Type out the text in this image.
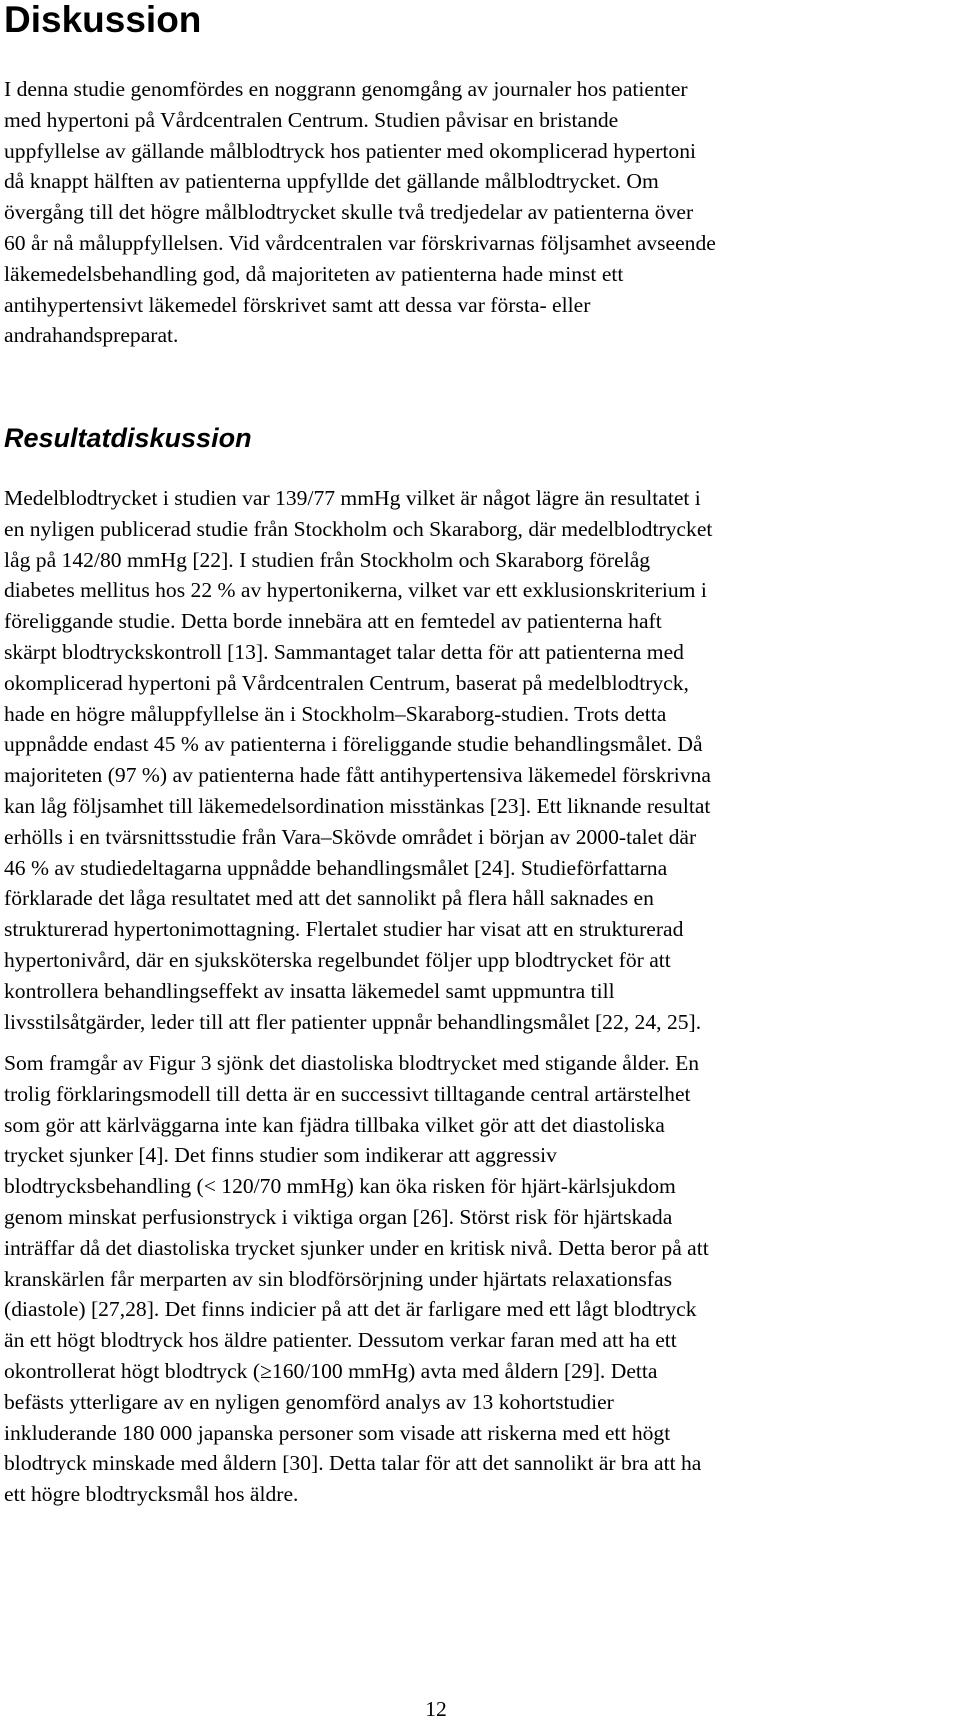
Diskussion
I denna studie genomfördes en noggrann genomgång av journaler hos patienter
med hypertoni på Vårdcentralen Centrum. Studien påvisar en bristande
uppfyllelse av gällande målblodtryck hos patienter med okomplicerad hypertoni
då knappt hälften av patienterna uppfyllde det gällande målblodtrycket. Om
övergång till det högre målblodtrycket skulle två tredjedelar av patienterna över
60 år nå måluppfyllelsen. Vid vårdcentralen var förskrivarnas följsamhet avseende
läkemedelsbehandling god, då majoriteten av patienterna hade minst ett
antihypertensivt läkemedel förskrivet samt att dessa var första- eller
andrahandspreparat.
Resultatdiskussion
Medelblodtrycket i studien var 139/77 mmHg vilket är något lägre än resultatet i
en nyligen publicerad studie från Stockholm och Skaraborg, där medelblodtrycket
låg på 142/80 mmHg [22]. I studien från Stockholm och Skaraborg förelåg
diabetes mellitus hos 22 % av hypertonikerna, vilket var ett exklusionskriterium i
föreliggande studie. Detta borde innebära att en femtedel av patienterna haft
skärpt blodtryckskontroll [13]. Sammantaget talar detta för att patienterna med
okomplicerad hypertoni på Vårdcentralen Centrum, baserat på medelblodtryck,
hade en högre måluppfyllelse än i Stockholm–Skaraborg-studien. Trots detta
uppnådde endast 45 % av patienterna i föreliggande studie behandlingsmålet. Då
majoriteten (97 %) av patienterna hade fått antihypertensiva läkemedel förskrivna
kan låg följsamhet till läkemedelsordination misstänkas [23]. Ett liknande resultat
erhölls i en tvärsnittsstudie från Vara–Skövde området i början av 2000-talet där
46 % av studiedeltagarna uppnådde behandlingsmålet [24]. Studieförfattarna
förklarade det låga resultatet med att det sannolikt på flera håll saknades en
strukturerad hypertonimottagning. Flertalet studier har visat att en strukturerad
hypertonivård, där en sjuksköterska regelbundet följer upp blodtrycket för att
kontrollera behandlingseffekt av insatta läkemedel samt uppmuntra till
livsstilsåtgärder, leder till att fler patienter uppnår behandlingsmålet [22, 24, 25].
Som framgår av Figur 3 sjönk det diastoliska blodtrycket med stigande ålder. En
trolig förklaringsmodell till detta är en successivt tilltagande central artärstelhet
som gör att kärlväggarna inte kan fjädra tillbaka vilket gör att det diastoliska
trycket sjunker [4]. Det finns studier som indikerar att aggressiv
blodtrycksbehandling (< 120/70 mmHg) kan öka risken för hjärt-kärlsjukdom
genom minskat perfusionstryck i viktiga organ [26]. Störst risk för hjärtskada
inträffar då det diastoliska trycket sjunker under en kritisk nivå. Detta beror på att
kranskärlen får merparten av sin blodförsörjning under hjärtats relaxationsfas
(diastole) [27,28]. Det finns indicier på att det är farligare med ett lågt blodtryck
än ett högt blodtryck hos äldre patienter. Dessutom verkar faran med att ha ett
okontrollerat högt blodtryck (≥160/100 mmHg) avta med åldern [29]. Detta
befästs ytterligare av en nyligen genomförd analys av 13 kohortstudier
inkluderande 180 000 japanska personer som visade att riskerna med ett högt
blodtryck minskade med åldern [30]. Detta talar för att det sannolikt är bra att ha
ett högre blodtrycksmål hos äldre.
12
